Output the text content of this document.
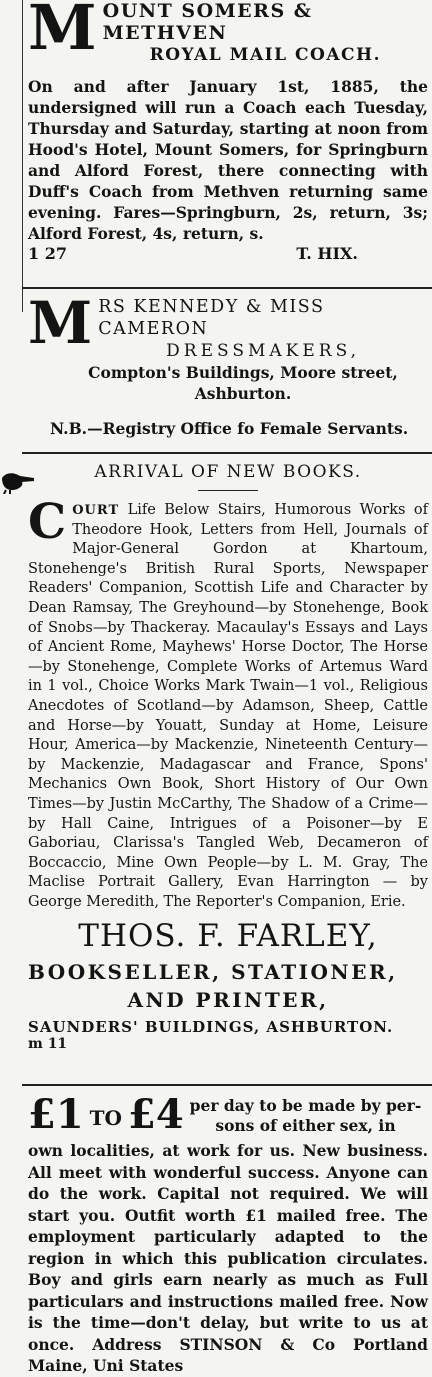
M OUNT SOMERS & METHVEN
ROYAL MAIL COACH.
On and after January 1st, 1885, the undersigned will run a Coach each Tuesday, Thursday and Saturday, starting at noon from Hood's Hotel, Mount Somers, for Springburn and Alford Forest, there connecting with Duff's Coach from Methven returning same evening. Fares—Springburn, 2s, return, 3s; Alford Forest, 4s, return, s.
1 27	T. HIX.
M RS KENNEDY & MISS CAMERON
DRESSMAKERS,
Compton's Buildings, Moore street,
Ashburton.
N.B.—Registry Office fo Female Servants.
ARRIVAL OF NEW BOOKS.
COURT Life Below Stairs, Humorous Works of Theodore Hook, Letters from Hell, Journals of Major-General Gordon at Khartoum, Stonehenge's British Rural Sports, Newspaper Readers' Companion, Scottish Life and Character by Dean Ramsay, The Greyhound—by Stonehenge, Book of Snobs—by Thackeray. Macaulay's Essays and Lays of Ancient Rome, Mayhews' Horse Doctor, The Horse—by Stonehenge, Complete Works of Artemus Ward in 1 vol., Choice Works Mark Twain—1 vol., Religious Anecdotes of Scotland—by Adamson, Sheep, Cattle and Horse—by Youatt, Sunday at Home, Leisure Hour, America—by Mackenzie, Nineteenth Century—by Mackenzie, Madagascar and France, Spons' Mechanics Own Book, Short History of Our Own Times—by Justin McCarthy, The Shadow of a Crime—by Hall Caine, Intrigues of a Poisoner—by E Gaboriau, Clarissa's Tangled Web, Decameron of Boccaccio, Mine Own People—by L. M. Gray, The Maclise Portrait Gallery, Evan Harrington — by George Meredith, The Reporter's Companion, Erie.
THOS. F. FARLEY,
BOOKSELLER, STATIONER,
AND PRINTER,
SAUNDERS' BUILDINGS, ASHBURTON.
m 11
£1 TO £4 per day to be made by per-
sons of either sex, in
own localities, at work for us. New business. All meet with wonderful success. Anyone can do the work. Capital not required. We will start you. Outfit worth £1 mailed free. The employment particularly adapted to the region in which this publication circulates. Boy and girls earn nearly as much as Full particulars and instructions mailed free. Now is the time—don't delay, but write to us at once. Address STINSON & Co Portland Maine, Uni States
